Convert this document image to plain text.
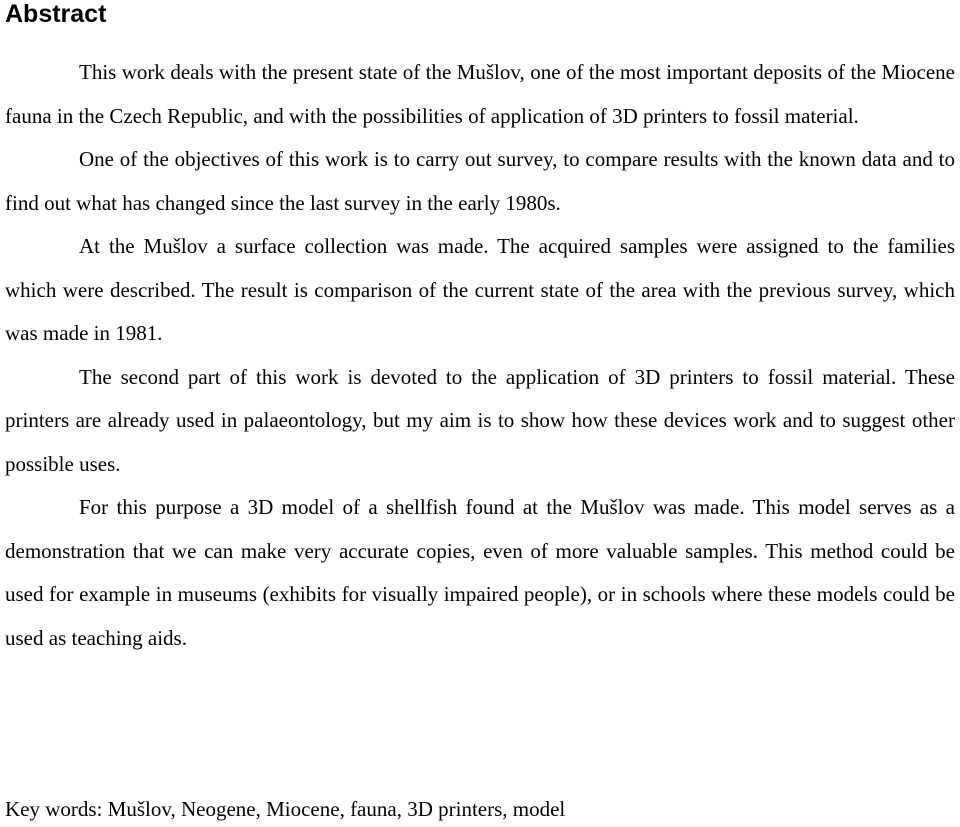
Abstract

This work deals with the present state of the Mušlov, one of the most important deposits of the Miocene fauna in the Czech Republic, and with the possibilities of application of 3D printers to fossil material.

One of the objectives of this work is to carry out survey, to compare results with the known data and to find out what has changed since the last survey in the early 1980s.

At the Mušlov a surface collection was made. The acquired samples were assigned to the families which were described. The result is comparison of the current state of the area with the previous survey, which was made in 1981.

The second part of this work is devoted to the application of 3D printers to fossil material. These printers are already used in palaeontology, but my aim is to show how these devices work and to suggest other possible uses.

For this purpose a 3D model of a shellfish found at the Mušlov was made. This model serves as a demonstration that we can make very accurate copies, even of more valuable samples. This method could be used for example in museums (exhibits for visually impaired people), or in schools where these models could be used as teaching aids.

Key words: Mušlov, Neogene, Miocene, fauna, 3D printers, model
